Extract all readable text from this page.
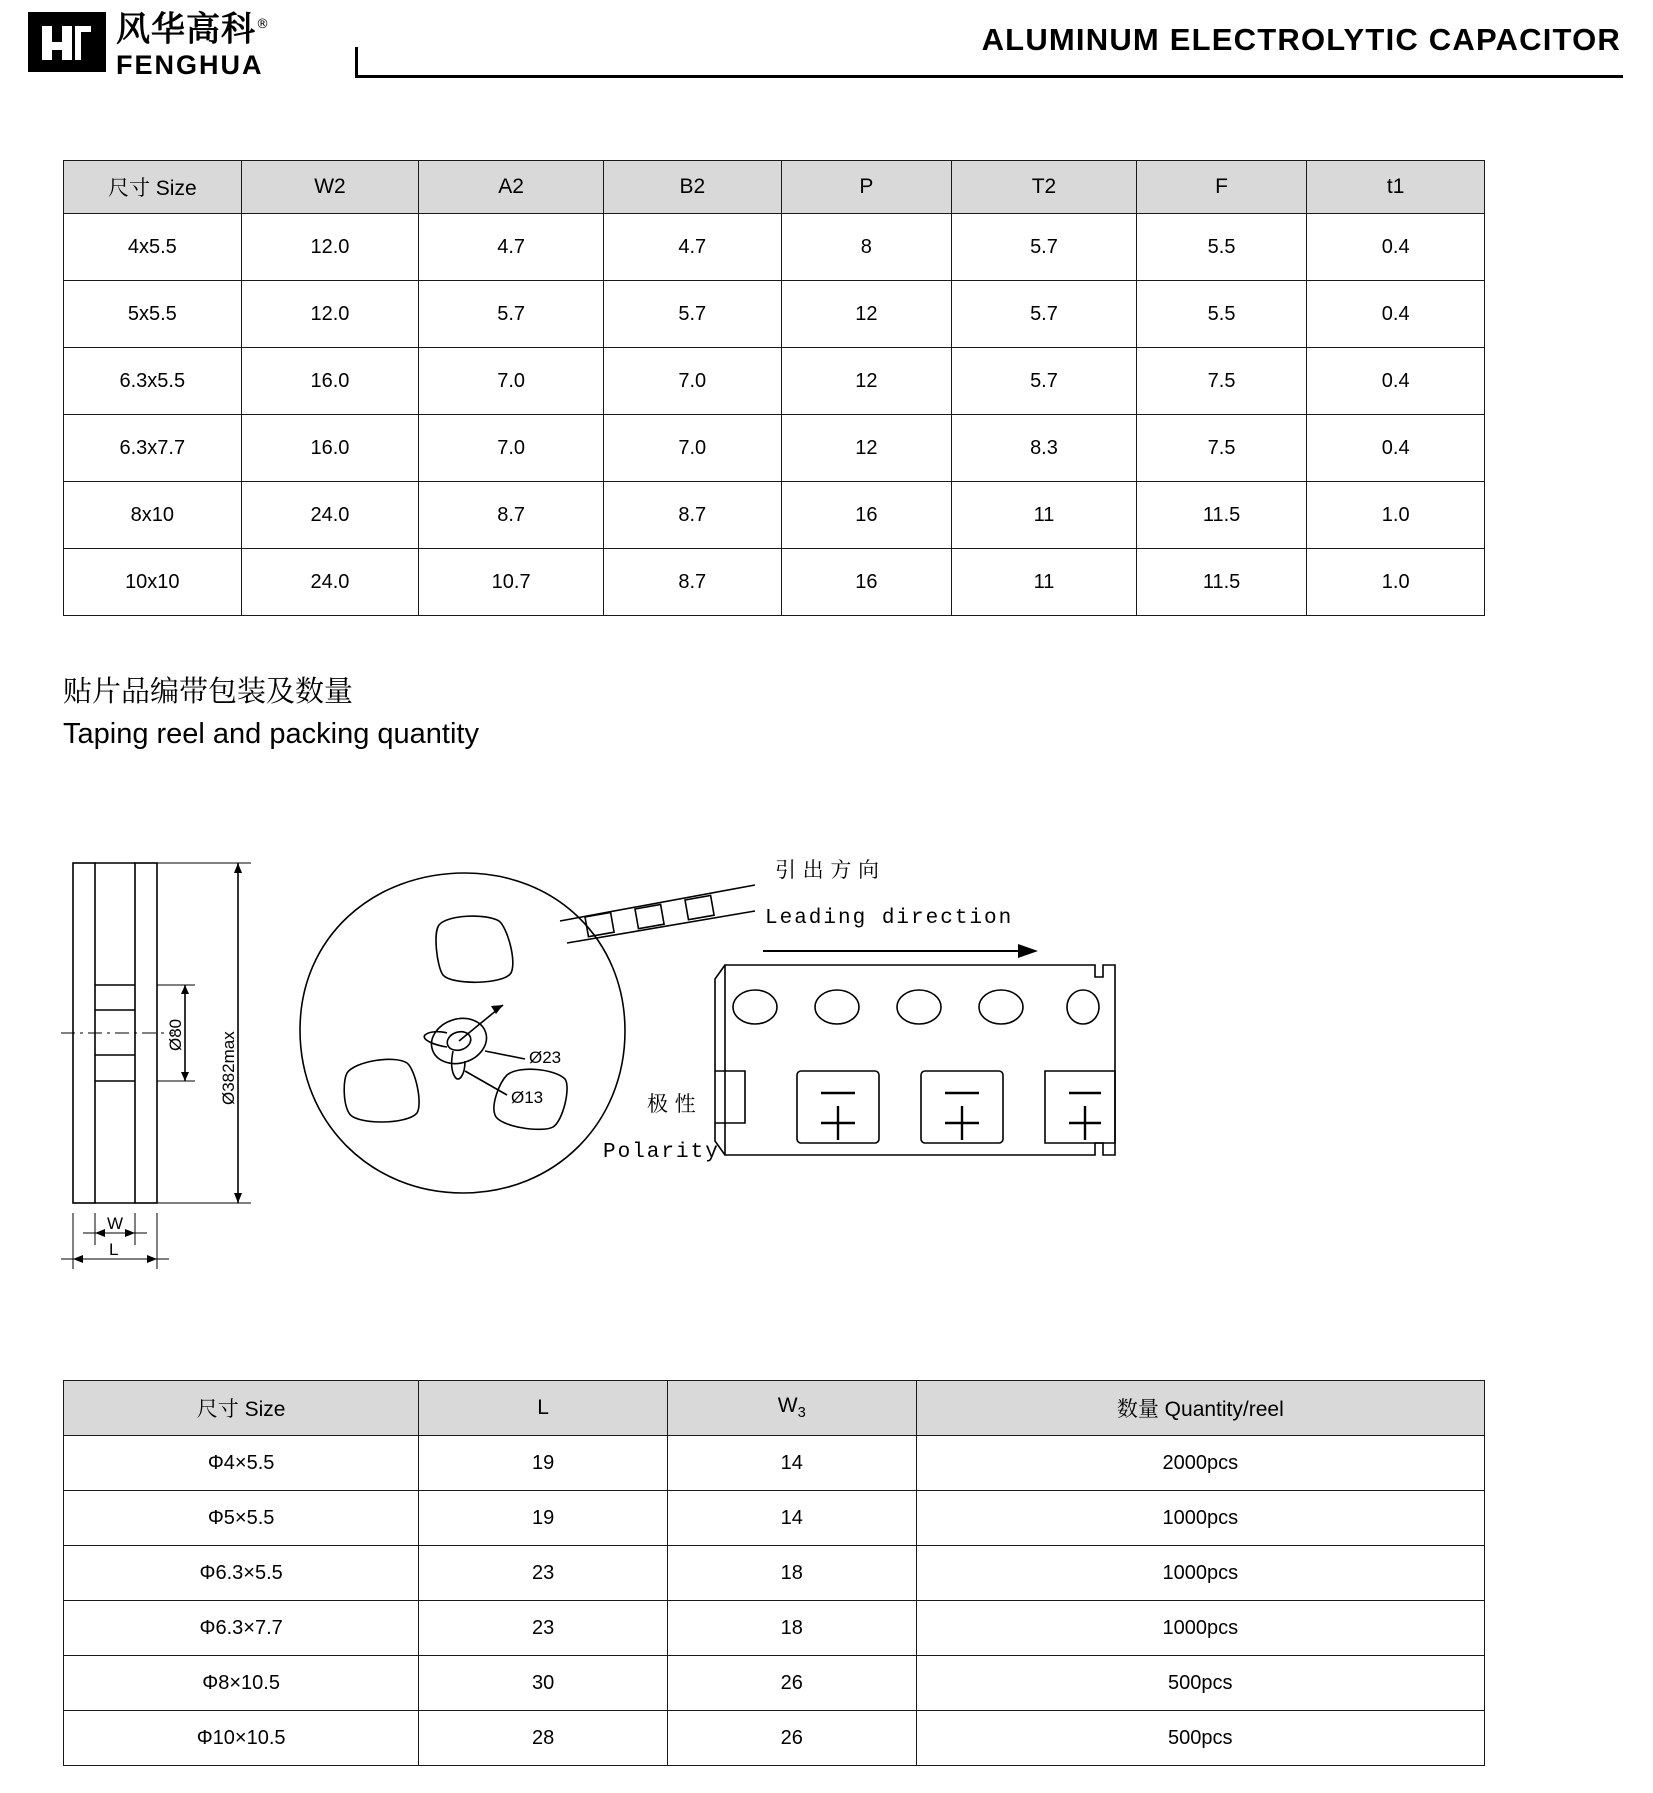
风华高科®
FENGHUA
ALUMINUM ELECTROLYTIC CAPACITOR
尺寸 Size	W2	A2	B2	P	T2	F	t1
4x5.5	12.0	4.7	4.7	8	5.7	5.5	0.4
5x5.5	12.0	5.7	5.7	12	5.7	5.5	0.4
6.3x5.5	16.0	7.0	7.0	12	5.7	7.5	0.4
6.3x7.7	16.0	7.0	7.0	12	8.3	7.5	0.4
8x10	24.0	8.7	8.7	16	11	11.5	1.0
10x10	24.0	10.7	8.7	16	11	11.5	1.0
贴片品编带包装及数量
Taping reel and packing quantity
Ø80 Ø382max
W
L
Ø23
Ø13	极 性
Polarity
引 出 方 向
Leading direction
尺寸 Size	L	$W_3$	数量 Quantity/reel
Φ4×5.5	19	14	2000pcs
Φ5×5.5	19	14	1000pcs
Φ6.3×5.5	23	18	1000pcs
Φ6.3×7.7	23	18	1000pcs
Φ8×10.5	30	26	500pcs
Φ10×10.5	28	26	500pcs
